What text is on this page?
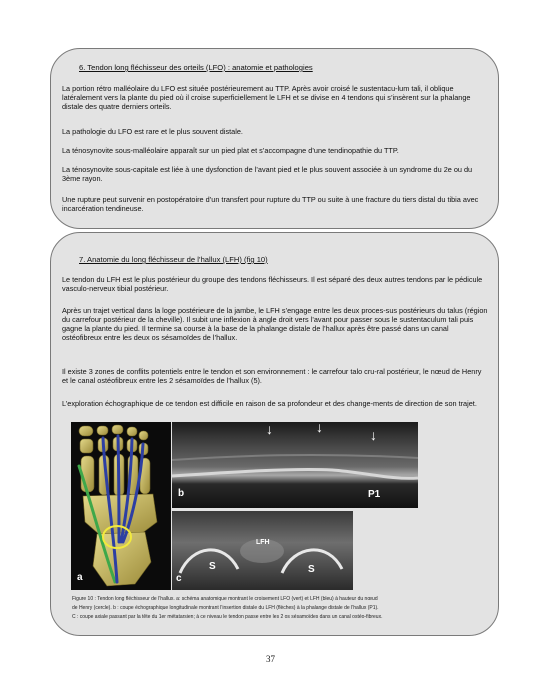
6. Tendon long fléchisseur des orteils (LFO) : anatomie et pathologies

La portion rétro malléolaire du LFO est située postérieurement au TTP. Après avoir croisé le sustentacu-lum tali, il oblique latéralement vers la plante du pied où il croise superficiellement le LFH et se divise en 4 tendons qui s’insèrent sur la phalange distale des quatre derniers orteils.

La pathologie du LFO est rare et le plus souvent distale.

La ténosynovite sous-malléolaire apparaît sur un pied plat et s’accompagne d’une tendinopathie du TTP.

La ténosynovite sous-capitale est liée à une dysfonction de l’avant pied et le plus souvent associée à un syndrome du 2e ou du 3ème rayon.

Une rupture peut survenir en postopératoire d’un transfert pour rupture du TTP ou suite à une fracture du tiers distal du tibia avec incarcération tendineuse.

7. Anatomie du long fléchisseur de l’hallux (LFH) (fig 10)

Le tendon du LFH est le plus postérieur du groupe des tendons fléchisseurs. Il est séparé des deux autres tendons par le pédicule vasculo-nerveux tibial postérieur.

Après un trajet vertical dans la loge postérieure de la jambe, le LFH s’engage entre les deux proces-sus postérieurs du talus (région du carrefour postérieur de la cheville). Il subit une inflexion à angle droit vers l’avant pour passer sous le sustentaculum tali puis gagne la plante du pied. Il termine sa course à la base de la phalange distale de l’hallux après être passé dans un canal ostéofibreux entre les deux os sésamoïdes de l’hallux.

Il existe 3 zones de conflits potentiels entre le tendon et son environnement : le carrefour talo cru-ral postérieur, le nœud de Henry et le canal ostéofibreux entre les 2 sésamoïdes de l’hallux (5).

L’exploration échographique de ce tendon est difficile en raison de sa profondeur et des change-ments de direction de son trajet.

a
↓	↓	↓
b	P1
LFH
S	S
c
Figure 10 : Tendon long fléchisseur de l’hallux. a: schéma anatomique montrant le croisement LFO (vert) et LFH (bleu) à hauteur du nœud
de Henry (cercle). b : coupe échographique longitudinale montrant l’insertion distale du LFH (flèches) à la phalange distale de l’hallux (P1).
C : coupe axiale passant par la tête du 1er métatarsien; à ce niveau le tendon passe entre les 2 os sésamoïdes dans un canal ostéo-fibreux.
37
